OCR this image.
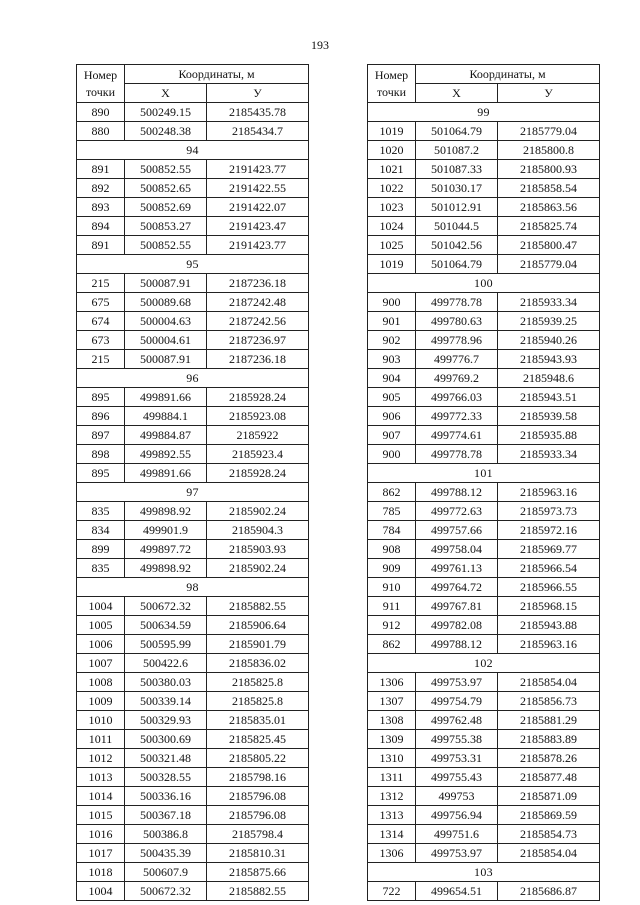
193
Номер
точки	Координаты, м	
	X	У
890	500249.15	2185435.78
880	500248.38	2185434.7
94		
891	500852.55	2191423.77
892	500852.65	2191422.55
893	500852.69	2191422.07
894	500853.27	2191423.47
891	500852.55	2191423.77
95		
215	500087.91	2187236.18
675	500089.68	2187242.48
674	500004.63	2187242.56
673	500004.61	2187236.97
215	500087.91	2187236.18
96		
895	499891.66	2185928.24
896	499884.1	2185923.08
897	499884.87	2185922
898	499892.55	2185923.4
895	499891.66	2185928.24
97		
835	499898.92	2185902.24
834	499901.9	2185904.3
899	499897.72	2185903.93
835	499898.92	2185902.24
98		
1004	500672.32	2185882.55
1005	500634.59	2185906.64
1006	500595.99	2185901.79
1007	500422.6	2185836.02
1008	500380.03	2185825.8
1009	500339.14	2185825.8
1010	500329.93	2185835.01
1011	500300.69	2185825.45
1012	500321.48	2185805.22
1013	500328.55	2185798.16
1014	500336.16	2185796.08
1015	500367.18	2185796.08
1016	500386.8	2185798.4
1017	500435.39	2185810.31
1018	500607.9	2185875.66
1004	500672.32	2185882.55
Номер
точки	Координаты, м	
	X	У
99		
1019	501064.79	2185779.04
1020	501087.2	2185800.8
1021	501087.33	2185800.93
1022	501030.17	2185858.54
1023	501012.91	2185863.56
1024	501044.5	2185825.74
1025	501042.56	2185800.47
1019	501064.79	2185779.04
100		
900	499778.78	2185933.34
901	499780.63	2185939.25
902	499778.96	2185940.26
903	499776.7	2185943.93
904	499769.2	2185948.6
905	499766.03	2185943.51
906	499772.33	2185939.58
907	499774.61	2185935.88
900	499778.78	2185933.34
101		
862	499788.12	2185963.16
785	499772.63	2185973.73
784	499757.66	2185972.16
908	499758.04	2185969.77
909	499761.13	2185966.54
910	499764.72	2185966.55
911	499767.81	2185968.15
912	499782.08	2185943.88
862	499788.12	2185963.16
102		
1306	499753.97	2185854.04
1307	499754.79	2185856.73
1308	499762.48	2185881.29
1309	499755.38	2185883.89
1310	499753.31	2185878.26
1311	499755.43	2185877.48
1312	499753	2185871.09
1313	499756.94	2185869.59
1314	499751.6	2185854.73
1306	499753.97	2185854.04
103		
722	499654.51	2185686.87
